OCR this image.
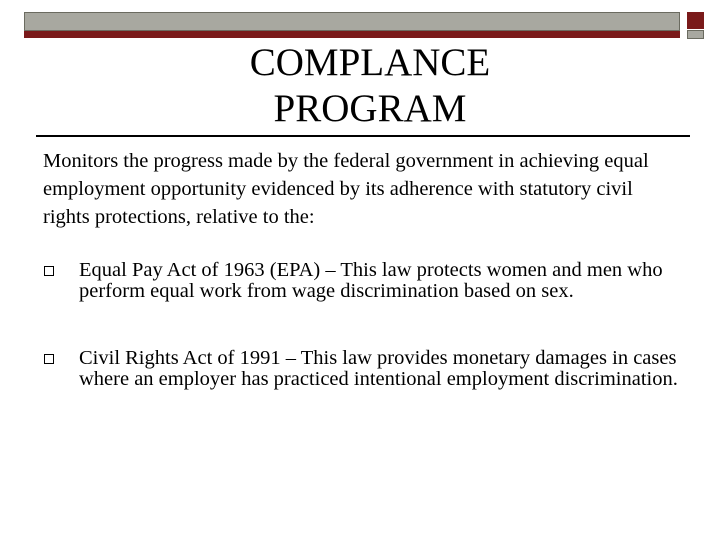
COMPLANCE
PROGRAM

Monitors the progress made by the federal government in achieving equal employment opportunity evidenced by its adherence with statutory civil rights protections, relative to the:

Equal Pay Act of 1963 (EPA) – This law protects women and men who perform equal work from wage discrimination based on sex.
Civil Rights Act of 1991 – This law provides monetary damages in cases where an employer has practiced intentional employment discrimination.
